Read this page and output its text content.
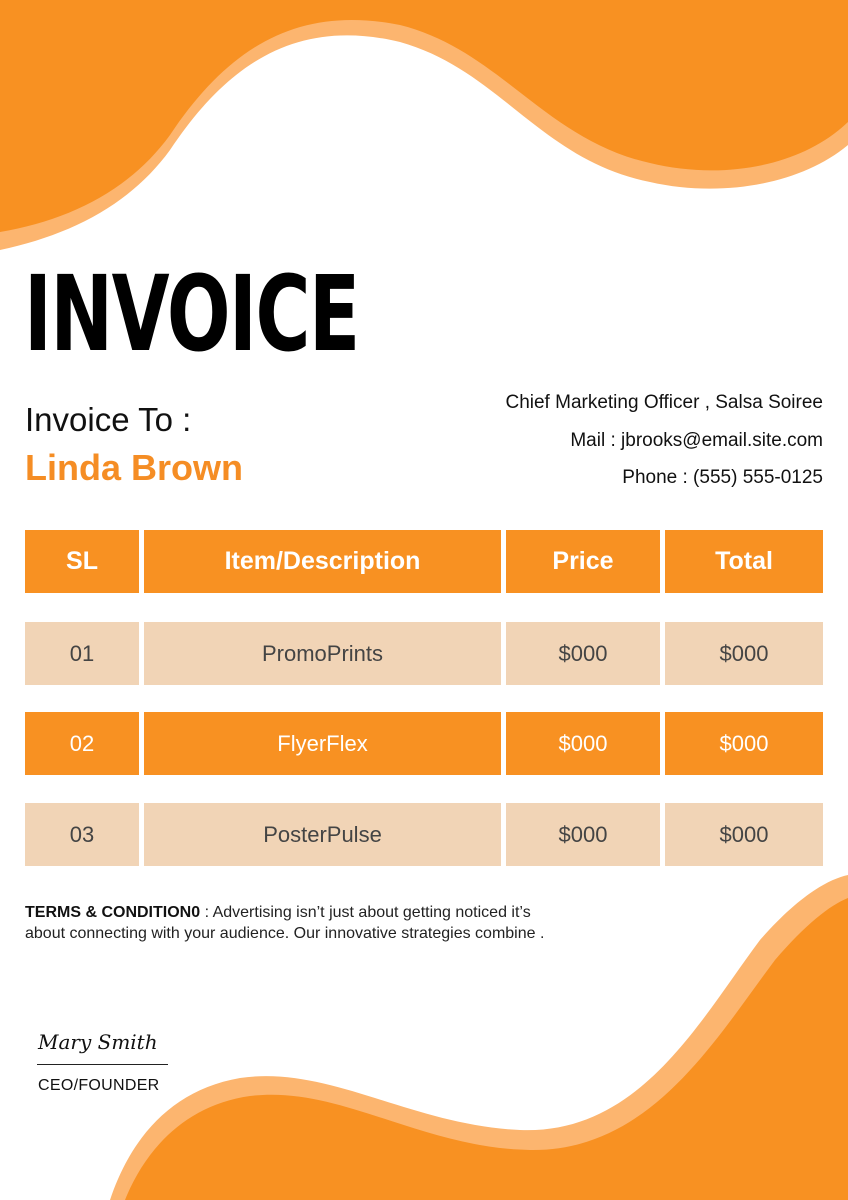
INVOICE
Invoice To :
Linda Brown
Chief Marketing Officer , Salsa Soiree
Mail : jbrooks@email.site.com
Phone : (555) 555-0125
SL	Item/Description	Price	Total
01	PromoPrints	$000	$000
02	FlyerFlex	$000	$000
03	PosterPulse	$000	$000
TERMS & CONDITION0 : Advertising isn’t just about getting noticed it’s about connecting with your audience. Our innovative strategies combine .
Mary Smith
CEO/FOUNDER
